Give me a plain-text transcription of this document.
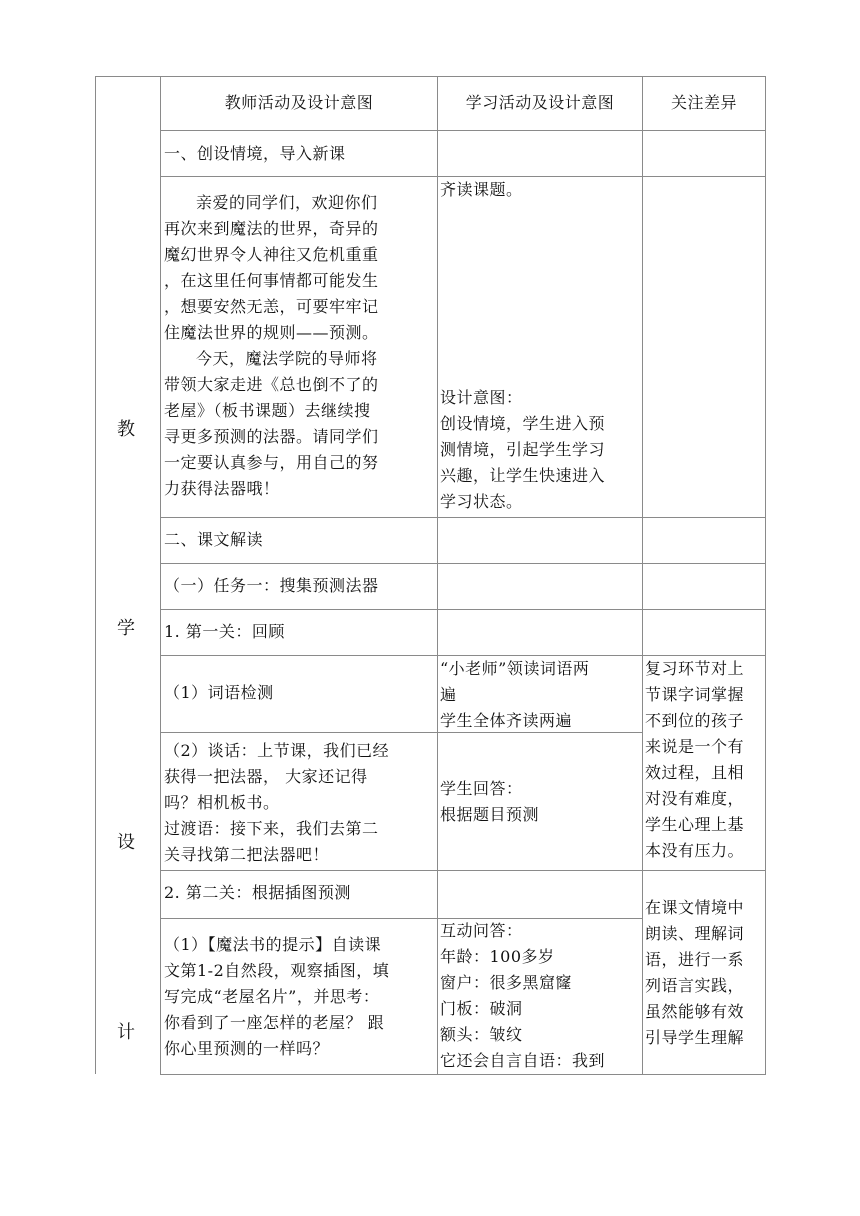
教
学
设
计
教师活动及设计意图	学习活动及设计意图	关注差异
一、创设情境，导入新课
亲爱的同学们，欢迎你们
再次来到魔法的世界，奇异的
魔幻世界令人神往又危机重重
，在这里任何事情都可能发生
，想要安然无恙，可要牢牢记
住魔法世界的规则——预测。
今天，魔法学院的导师将
带领大家走进《总也倒不了的
老屋》（板书课题）去继续搜
寻更多预测的法器。请同学们
一定要认真参与，用自己的努
力获得法器哦！
齐读课题。
设计意图：
创设情境，学生进入预
测情境，引起学生学习
兴趣，让学生快速进入
学习状态。
二、课文解读
（一）任务一：搜集预测法器
1. 第一关：回顾
（1）词语检测
“小老师”领读词语两
遍
学生全体齐读两遍
复习环节对上
节课字词掌握
不到位的孩子
来说是一个有
效过程，且相
对没有难度，
学生心理上基
本没有压力。
（2）谈话：上节课，我们已经
获得一把法器， 大家还记得
吗？相机板书。
过渡语：接下来，我们去第二
关寻找第二把法器吧！
学生回答：
根据题目预测
2. 第二关：根据插图预测
（1）【魔法书的提示】自读课
文第1-2自然段，观察插图，填
写完成“老屋名片”，并思考：
你看到了一座怎样的老屋？ 跟
你心里预测的一样吗？
互动问答：
年龄：100多岁
窗户：很多黑窟窿
门板：破洞
额头：皱纹
它还会自言自语：我到
在课文情境中
朗读、理解词
语，进行一系
列语言实践，
虽然能够有效
引导学生理解
